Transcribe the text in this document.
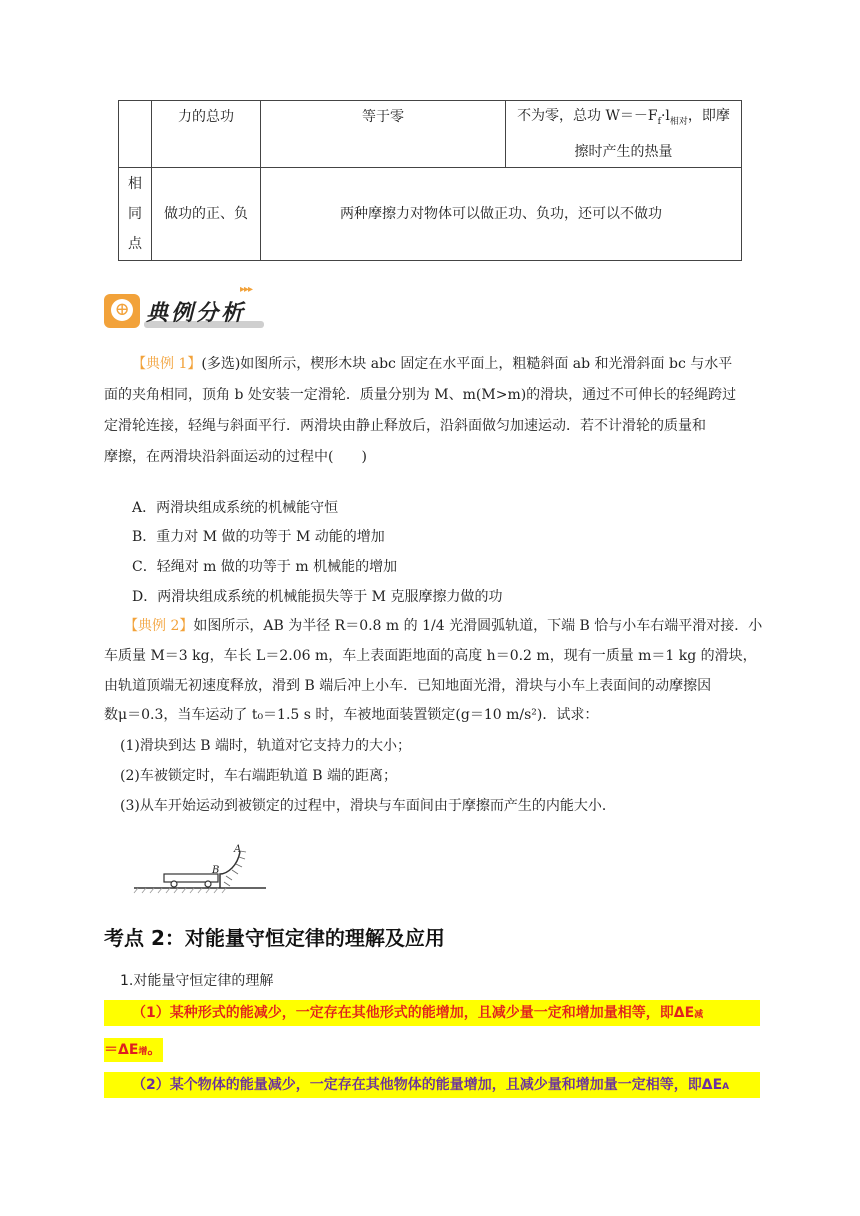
	力的总功	等于零	不为零，总功 $W=-F_f\cdot l_{相对}$，即摩
擦时产生的热量

相
同
点	做功的正、负	两种摩擦力对物体可以做正功、负功，还可以不做功	
▸▸▸
⊕ 典例分析
【典例 1】(多选)如图所示，楔形木块 abc 固定在水平面上，粗糙斜面 ab 和光滑斜面 bc 与水平
面的夹角相同，顶角 b 处安装一定滑轮．质量分别为 M、m(M>m)的滑块，通过不可伸长的轻绳跨过
定滑轮连接，轻绳与斜面平行．两滑块由静止释放后，沿斜面做匀加速运动．若不计滑轮的质量和
摩擦，在两滑块沿斜面运动的过程中(　　)
A．两滑块组成系统的机械能守恒
B．重力对 M 做的功等于 M 动能的增加
C．轻绳对 m 做的功等于 m 机械能的增加
D．两滑块组成系统的机械能损失等于 M 克服摩擦力做的功
【典例 2】如图所示，AB 为半径 R＝0.8 m 的 1/4 光滑圆弧轨道，下端 B 恰与小车右端平滑对接．小
车质量 M＝3 kg，车长 L＝2.06 m，车上表面距地面的高度 h＝0.2 m，现有一质量 m＝1 kg 的滑块，
由轨道顶端无初速度释放，滑到 B 端后冲上小车．已知地面光滑，滑块与小车上表面间的动摩擦因
数μ＝0.3，当车运动了 t₀＝1.5 s 时，车被地面装置锁定(g＝10 m/s²)．试求：
(1)滑块到达 B 端时，轨道对它支持力的大小；
(2)车被锁定时，车右端距轨道 B 端的距离；
(3)从车开始运动到被锁定的过程中，滑块与车面间由于摩擦而产生的内能大小．
B
A
考点 2：对能量守恒定律的理解及应用
1.对能量守恒定律的理解
（1）某种形式的能减少，一定存在其他形式的能增加，且减少量一定和增加量相等，即ΔE减
＝ΔE增。
（2）某个物体的能量减少，一定存在其他物体的能量增加，且减少量和增加量一定相等，即ΔEA
